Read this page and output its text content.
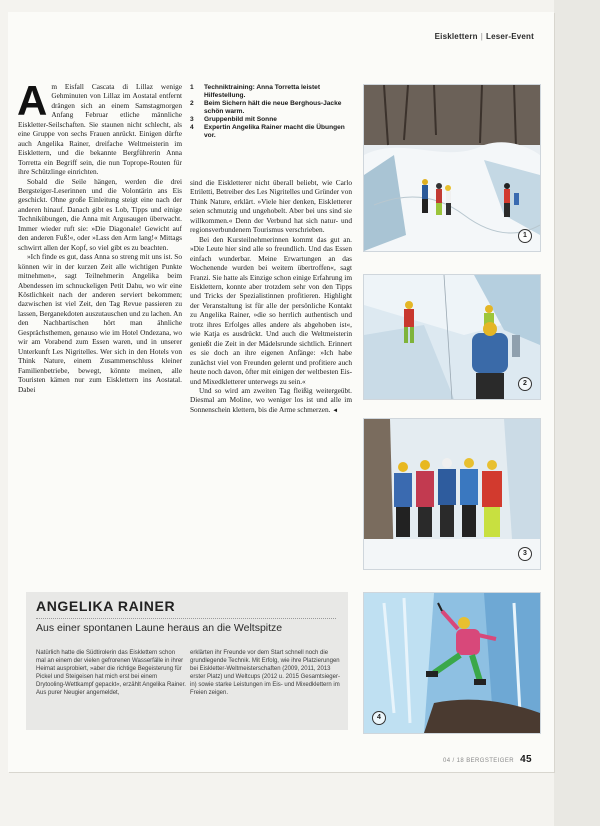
Eisklettern | Leser-Event

Am Eisfall Cascata di Lillaz wenige Gehminuten von Lillaz im Aostatal entfernt drängen sich an einem Samstagmorgen Anfang Februar etliche männliche Eiskletter-Seilschaften. Sie staunen nicht schlecht, als eine Gruppe von sechs Frauen anrückt. Einigen dürfte auch Angelika Rainer, dreifache Weltmeisterin im Eisklettern, und die bekannte Bergführerin Anna Torretta ein Begriff sein, die nun Toprope-Routen für ihre Schützlinge einrichten.

Sobald die Seile hängen, werden die drei Bergsteiger-Leserinnen und die Volontärin ans Eis geschickt. Ohne große Einleitung steigt eine nach der anderen hinauf. Danach gibt es Lob, Tipps und einige Technikübungen, die Anna mit Argusaugen überwacht. Immer wieder ruft sie: »Die Diagonale! Gewicht auf den anderen Fuß!«, oder »Lass den Arm lang!« Mittags schwirrt allen der Kopf, so viel gibt es zu beachten.

»Ich finde es gut, dass Anna so streng mit uns ist. So können wir in der kurzen Zeit alle wichtigen Punkte mitnehmen«, sagt Teilnehmerin Angelika beim Abendessen im schnuckeligen Petit Dahu, wo wir eine Köstlichkeit nach der anderen serviert bekommen; dazwischen ist viel Zeit, den Tag Revue passieren zu lassen, Berganekdoten auszutauschen und zu lachen. An den Nachbartischen hört man ähnliche Gesprächsthemen, genauso wie im Hotel Ondezana, wo wir am Vorabend zum Essen waren, und in unserer Unterkunft Les Nigritelles. Wer sich in den Hotels von Think Nature, einem Zusammenschluss kleiner Familienbetriebe, bewegt, könnte meinen, alle Touristen kämen nur zum Eisklettern ins Aostatal. Dabei

1	Techniktraining: Anna Torretta leistet Hilfestellung.
2	Beim Sichern hält die neue Berghous-Jacke schön warm.
3	Gruppenbild mit Sonne
4	Expertin Angelika Rainer macht die Übungen vor.

sind die Eiskletterer nicht überall beliebt, wie Carlo Etriletti, Betreiber des Les Nigritelles und Gründer von Think Nature, erklärt. »Viele hier denken, Eiskletterer seien schmutzig und ungehobelt. Aber bei uns sind sie willkommen.« Denn der Verbund hat sich natur- und regionsverbundenem Tourismus verschrieben.

Bei den Kursteilnehmerinnen kommt das gut an. »Die Leute hier sind alle so freundlich. Und das Essen einfach wunderbar. Meine Erwartungen an das Wochenende wurden bei weitem übertroffen«, sagt Franzi. Sie hatte als Einzige schon einige Erfahrung im Eisklettern, konnte aber trotzdem sehr von den Tipps und Tricks der Spezialistinnen profitieren. Highlight der Veranstaltung ist für alle der persönliche Kontakt zu Angelika Rainer, »die so herrlich authentisch und trotz ihres Erfolges alles andere als abgehoben ist«, wie Katja es ausdrückt. Und auch die Weltmeisterin genießt die Zeit in der Mädelsrunde sichtlich. Erinnert es sie doch an ihre eigenen Anfänge: »Ich habe zunächst viel von Freunden gelernt und profitiere auch heute noch davon, öfter mit einigen der weltbesten Eis- und Mixedkletterer unterwegs zu sein.«

Und so wird am zweiten Tag fleißig weitergeübt. Diesmal am Moline, wo weniger los ist und alle im Sonnenschein klettern, bis die Arme schmerzen. ◄

1
2
3
ANGELIKA RAINER
Aus einer spontanen Laune heraus an die Weltspitze
Natürlich hatte die Südtirolerin das Eisklettern schon mal an einem der vielen gefrorenen Wasserfälle in ihrer Heimat ausprobiert, »aber die richtige Begeisterung für Pickel und Steigeisen hat mich erst bei einem Drytooling-Wettkampf gepackt«, erzählt Angelika Rainer. Aus purer Neugier angemeldet,
erklärten ihr Freunde vor dem Start schnell noch die grundlegende Technik. Mit Erfolg, wie ihre Platzierungen bei Eiskletter-Weltmeisterschaften (2009, 2011, 2013 erster Platz) und Weltcups (2012 u. 2015 Gesamtsiegerin) sowie starke Leistungen im Eis- und Mixedklettern im Freien zeigen.
4
04 / 18 BERGSTEIGER 45
